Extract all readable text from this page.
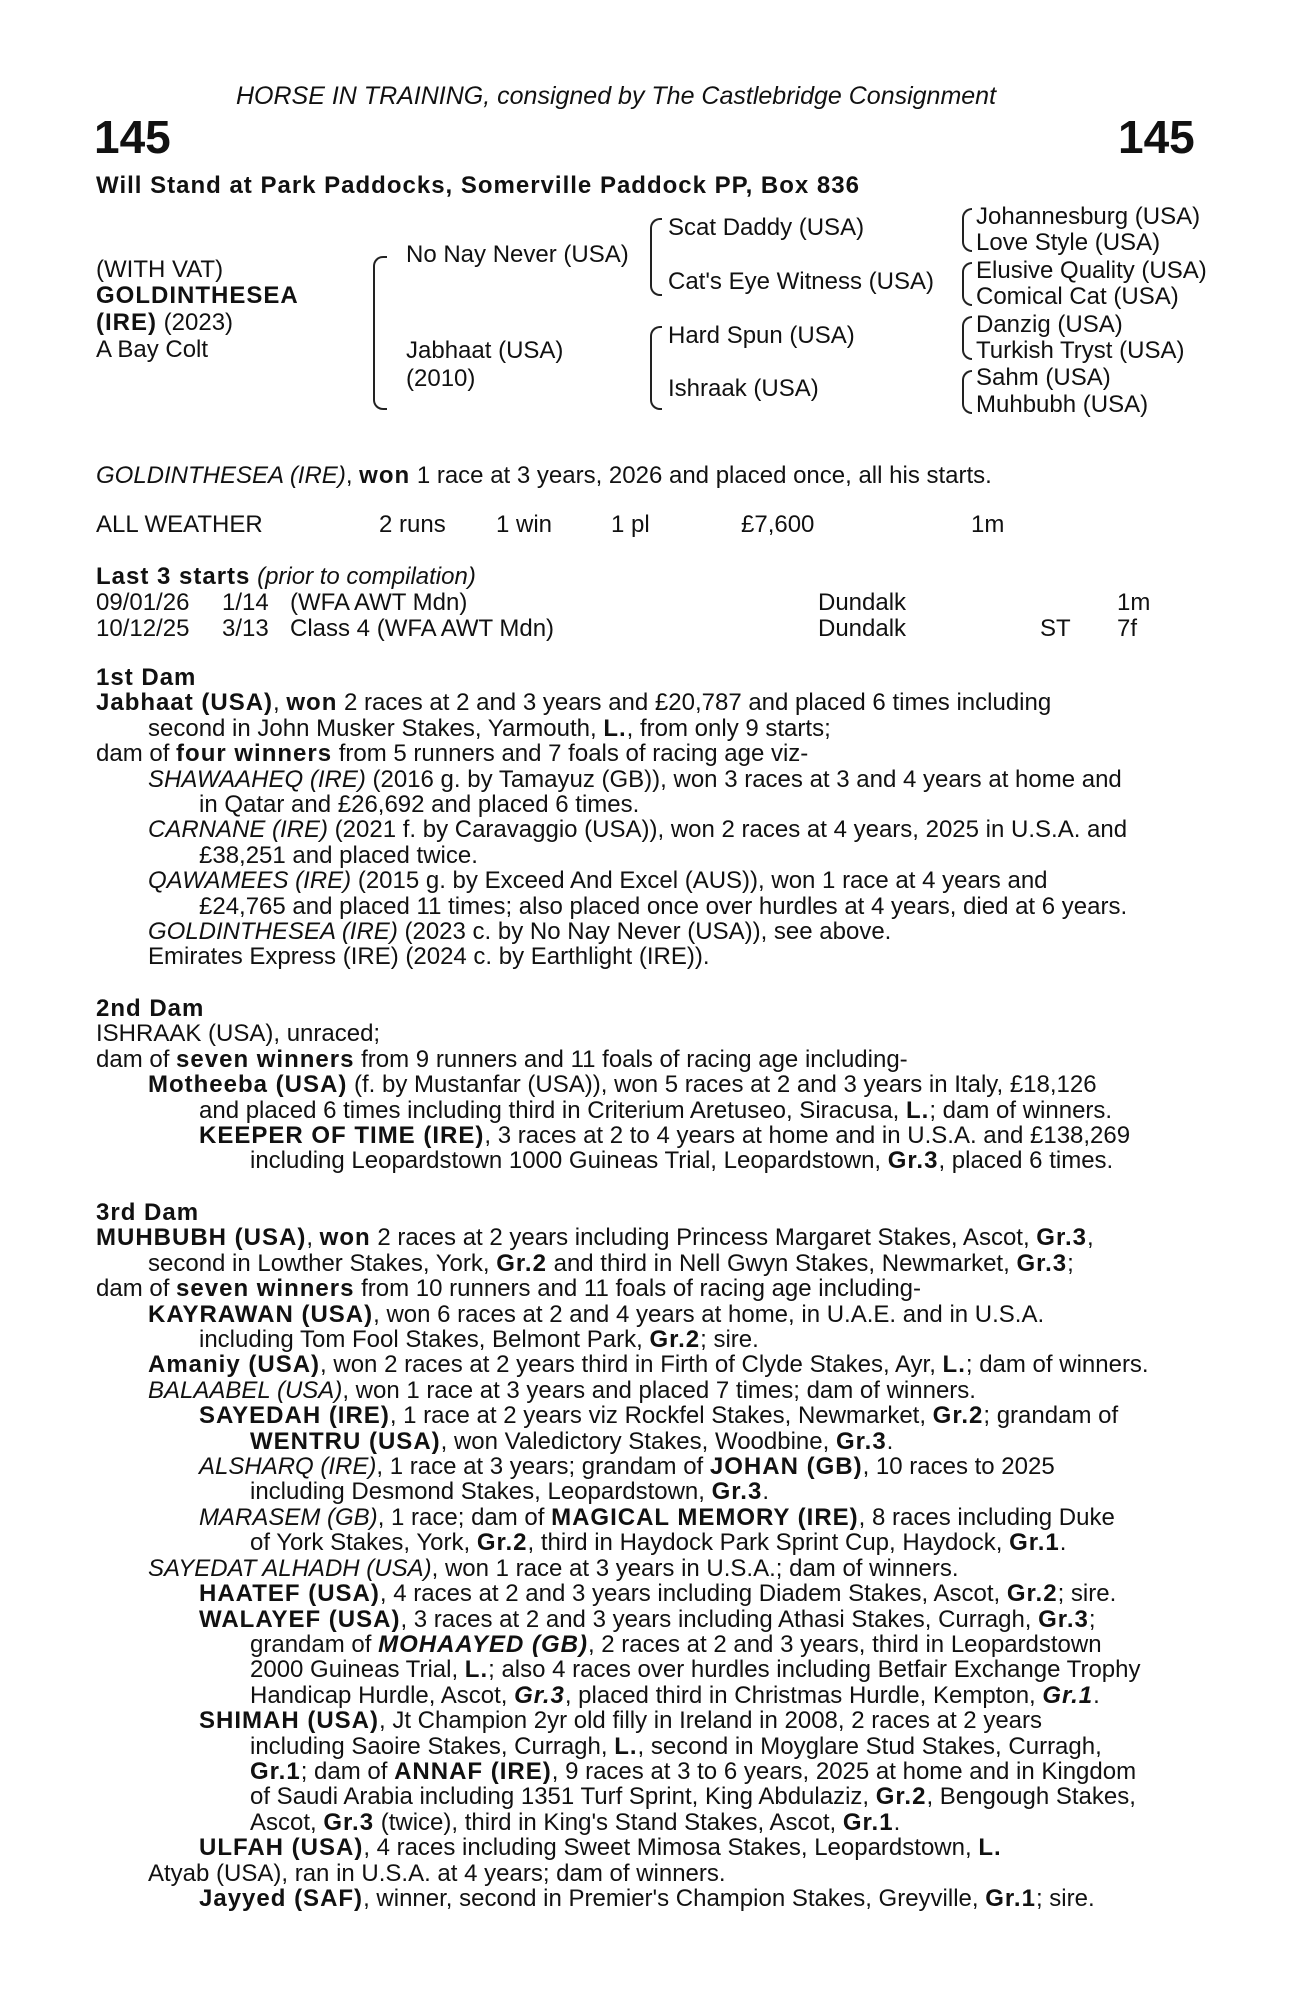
HORSE IN TRAINING, consigned by The Castlebridge Consignment
145	145
Will Stand at Park Paddocks, Somerville Paddock PP, Box 836
(WITH VAT)
GOLDINTHESEA
(IRE) (2023)
A Bay Colt
No Nay Never (USA)
Jabhaat (USA)
(2010)
Scat Daddy (USA)
Cat's Eye Witness (USA)
Hard Spun (USA)
Ishraak (USA)
Johannesburg (USA)
Love Style (USA)
Elusive Quality (USA)
Comical Cat (USA)
Danzig (USA)
Turkish Tryst (USA)
Sahm (USA)
Muhbubh (USA)
GOLDINTHESEA (IRE), won 1 race at 3 years, 2026 and placed once, all his starts.
ALL WEATHER	2 runs 1 win 1 pl	£7,600	1m
Last 3 starts (prior to compilation)
09/01/26 1/14 (WFA AWT Mdn)	Dundalk	1m
10/12/25 3/13 Class 4 (WFA AWT Mdn)	Dundalk	ST 7f
1st Dam
Jabhaat (USA), won 2 races at 2 and 3 years and £20,787 and placed 6 times including
second in John Musker Stakes, Yarmouth, L., from only 9 starts;
dam of four winners from 5 runners and 7 foals of racing age viz-
SHAWAAHEQ (IRE) (2016 g. by Tamayuz (GB)), won 3 races at 3 and 4 years at home and
in Qatar and £26,692 and placed 6 times.
CARNANE (IRE) (2021 f. by Caravaggio (USA)), won 2 races at 4 years, 2025 in U.S.A. and
£38,251 and placed twice.
QAWAMEES (IRE) (2015 g. by Exceed And Excel (AUS)), won 1 race at 4 years and
£24,765 and placed 11 times; also placed once over hurdles at 4 years, died at 6 years.
GOLDINTHESEA (IRE) (2023 c. by No Nay Never (USA)), see above.
Emirates Express (IRE) (2024 c. by Earthlight (IRE)).
2nd Dam
ISHRAAK (USA), unraced;
dam of seven winners from 9 runners and 11 foals of racing age including-
Motheeba (USA) (f. by Mustanfar (USA)), won 5 races at 2 and 3 years in Italy, £18,126
and placed 6 times including third in Criterium Aretuseo, Siracusa, L.; dam of winners.
KEEPER OF TIME (IRE), 3 races at 2 to 4 years at home and in U.S.A. and £138,269
including Leopardstown 1000 Guineas Trial, Leopardstown, Gr.3, placed 6 times.
3rd Dam
MUHBUBH (USA), won 2 races at 2 years including Princess Margaret Stakes, Ascot, Gr.3,
second in Lowther Stakes, York, Gr.2 and third in Nell Gwyn Stakes, Newmarket, Gr.3;
dam of seven winners from 10 runners and 11 foals of racing age including-
KAYRAWAN (USA), won 6 races at 2 and 4 years at home, in U.A.E. and in U.S.A.
including Tom Fool Stakes, Belmont Park, Gr.2; sire.
Amaniy (USA), won 2 races at 2 years third in Firth of Clyde Stakes, Ayr, L.; dam of winners.
BALAABEL (USA), won 1 race at 3 years and placed 7 times; dam of winners.
SAYEDAH (IRE), 1 race at 2 years viz Rockfel Stakes, Newmarket, Gr.2; grandam of
WENTRU (USA), won Valedictory Stakes, Woodbine, Gr.3.
ALSHARQ (IRE), 1 race at 3 years; grandam of JOHAN (GB), 10 races to 2025
including Desmond Stakes, Leopardstown, Gr.3.
MARASEM (GB), 1 race; dam of MAGICAL MEMORY (IRE), 8 races including Duke
of York Stakes, York, Gr.2, third in Haydock Park Sprint Cup, Haydock, Gr.1.
SAYEDAT ALHADH (USA), won 1 race at 3 years in U.S.A.; dam of winners.
HAATEF (USA), 4 races at 2 and 3 years including Diadem Stakes, Ascot, Gr.2; sire.
WALAYEF (USA), 3 races at 2 and 3 years including Athasi Stakes, Curragh, Gr.3;
grandam of MOHAAYED (GB), 2 races at 2 and 3 years, third in Leopardstown
2000 Guineas Trial, L.; also 4 races over hurdles including Betfair Exchange Trophy
Handicap Hurdle, Ascot, Gr.3, placed third in Christmas Hurdle, Kempton, Gr.1.
SHIMAH (USA), Jt Champion 2yr old filly in Ireland in 2008, 2 races at 2 years
including Saoire Stakes, Curragh, L., second in Moyglare Stud Stakes, Curragh,
Gr.1; dam of ANNAF (IRE), 9 races at 3 to 6 years, 2025 at home and in Kingdom
of Saudi Arabia including 1351 Turf Sprint, King Abdulaziz, Gr.2, Bengough Stakes,
Ascot, Gr.3 (twice), third in King's Stand Stakes, Ascot, Gr.1.
ULFAH (USA), 4 races including Sweet Mimosa Stakes, Leopardstown, L.
Atyab (USA), ran in U.S.A. at 4 years; dam of winners.
Jayyed (SAF), winner, second in Premier's Champion Stakes, Greyville, Gr.1; sire.
